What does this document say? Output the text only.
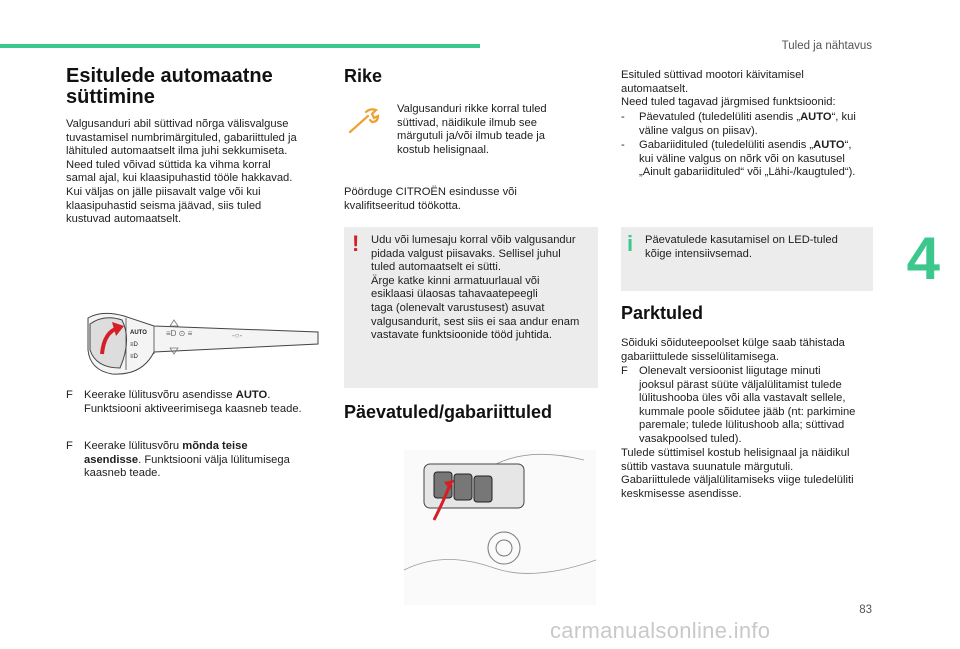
Tuled ja nähtavus
4
83
Esitulede automaatne süttimine

Valgusanduri abil süttivad nõrga välisvalguse
tuvastamisel numbrimärgituled, gabariittuled ja
lähituled automaatselt ilma juhi sekkumiseta.
Need tuled võivad süttida ka vihma korral
samal ajal, kui klaasipuhastid tööle hakkavad.
Kui väljas on jälle piisavalt valge või kui
klaasipuhastid seisma jäävad, siis tuled
kustuvad automaatselt.

AUTO
≡D
≡D
≡D ⊙ ≡	-○-
F Keerake lülitusvõru asendisse AUTO.
Funktsiooni aktiveerimisega kaasneb teade.
F Keerake lülitusvõru mõnda teise
asendisse. Funktsiooni välja lülitumisega
kaasneb teade.
Rike

Valgusanduri rikke korral tuled
süttivad, näidikule ilmub see
märgutuli ja/või ilmub teade ja
kostub helisignaal.

Pöörduge CITROËN esindusse või
kvalifitseeritud töökotta.

! Udu või lumesaju korral võib valgusandur
pidada valgust piisavaks. Sellisel juhul
tuled automaatselt ei sütti.
Ärge katke kinni armatuurlaual või
esiklaasi ülaosas tahavaatepeegli
taga (olenevalt varustusest) asuvat
valgusandurit, sest siis ei saa andur enam
vastavate funktsioonide tööd juhtida.

Päevatuled/gabariittuled

Esituled süttivad mootori käivitamisel
automaatselt.
Need tuled tagavad järgmised funktsioonid:

-	Päevatuled (tuledelüliti asendis „AUTO“, kui
väline valgus on piisav).
-	Gabariidituled (tuledelüliti asendis „AUTO“,
kui väline valgus on nõrk või on kasutusel
„Ainult gabariidituled“ või „Lähi-/kaugtuled“).
i Päevatulede kasutamisel on LED-tuled
kõige intensiivsemad.

Parktuled

Sõiduki sõiduteepoolset külge saab tähistada
gabariittulede sisselülitamisega.

F Olenevalt versioonist liigutage minuti
jooksul pärast süüte väljalülitamist tulede
lülitushooba üles või alla vastavalt sellele,
kummale poole sõidutee jääb (nt: parkimine
paremale; tulede lülitushoob alla; süttivad
vasakpoolsed tuled).

Tulede süttimisel kostub helisignaal ja näidikul
süttib vastava suunatule märgutuli.
Gabariittulede väljalülitamiseks viige tuledelüliti
keskmisesse asendisse.

carmanualsonline.info
